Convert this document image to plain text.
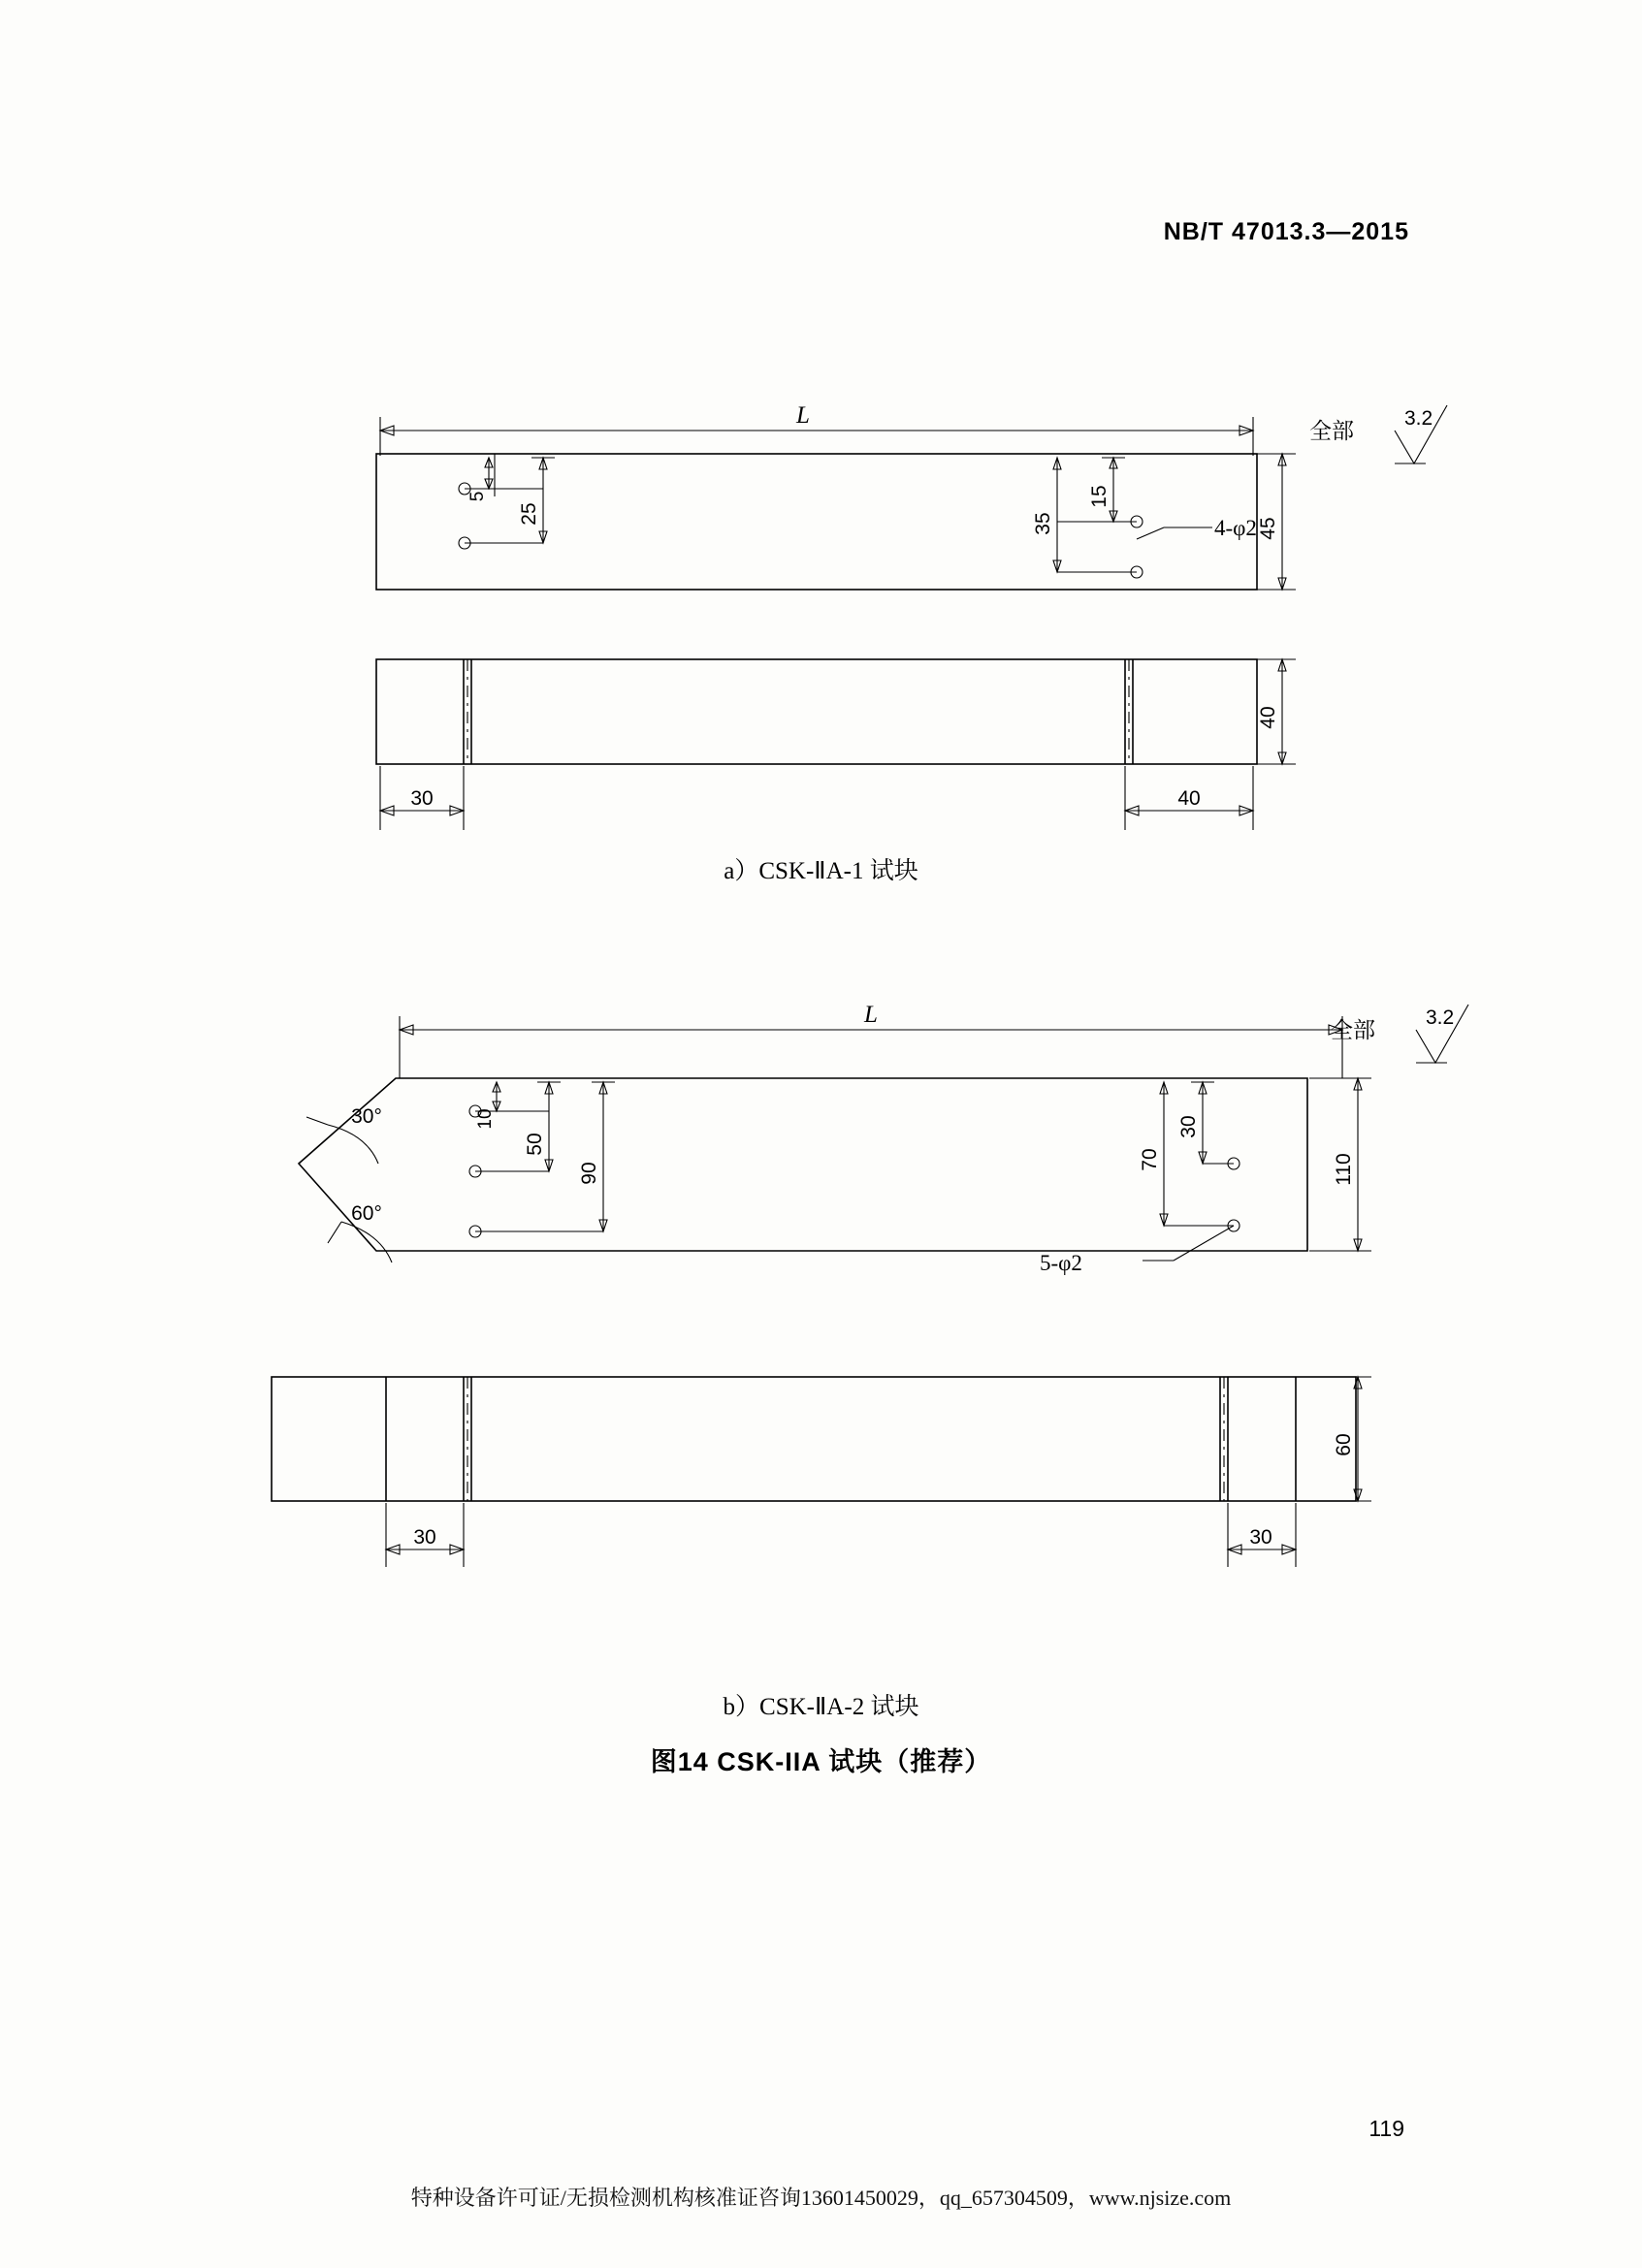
NB/T 47013.3—2015
L
5
25	35
15
45
40
30	40
4-φ2
全部
3.2
a）CSK-ⅡA-1 试块
L
10
50
90
30
70	110
60
30	30
30°
60°
5-φ2
全部
3.2
b）CSK-ⅡA-2 试块
图14 CSK-IIA 试块（推荐）
119
特种设备许可证/无损检测机构核准证咨询13601450029，qq_657304509，www.njsize.com
